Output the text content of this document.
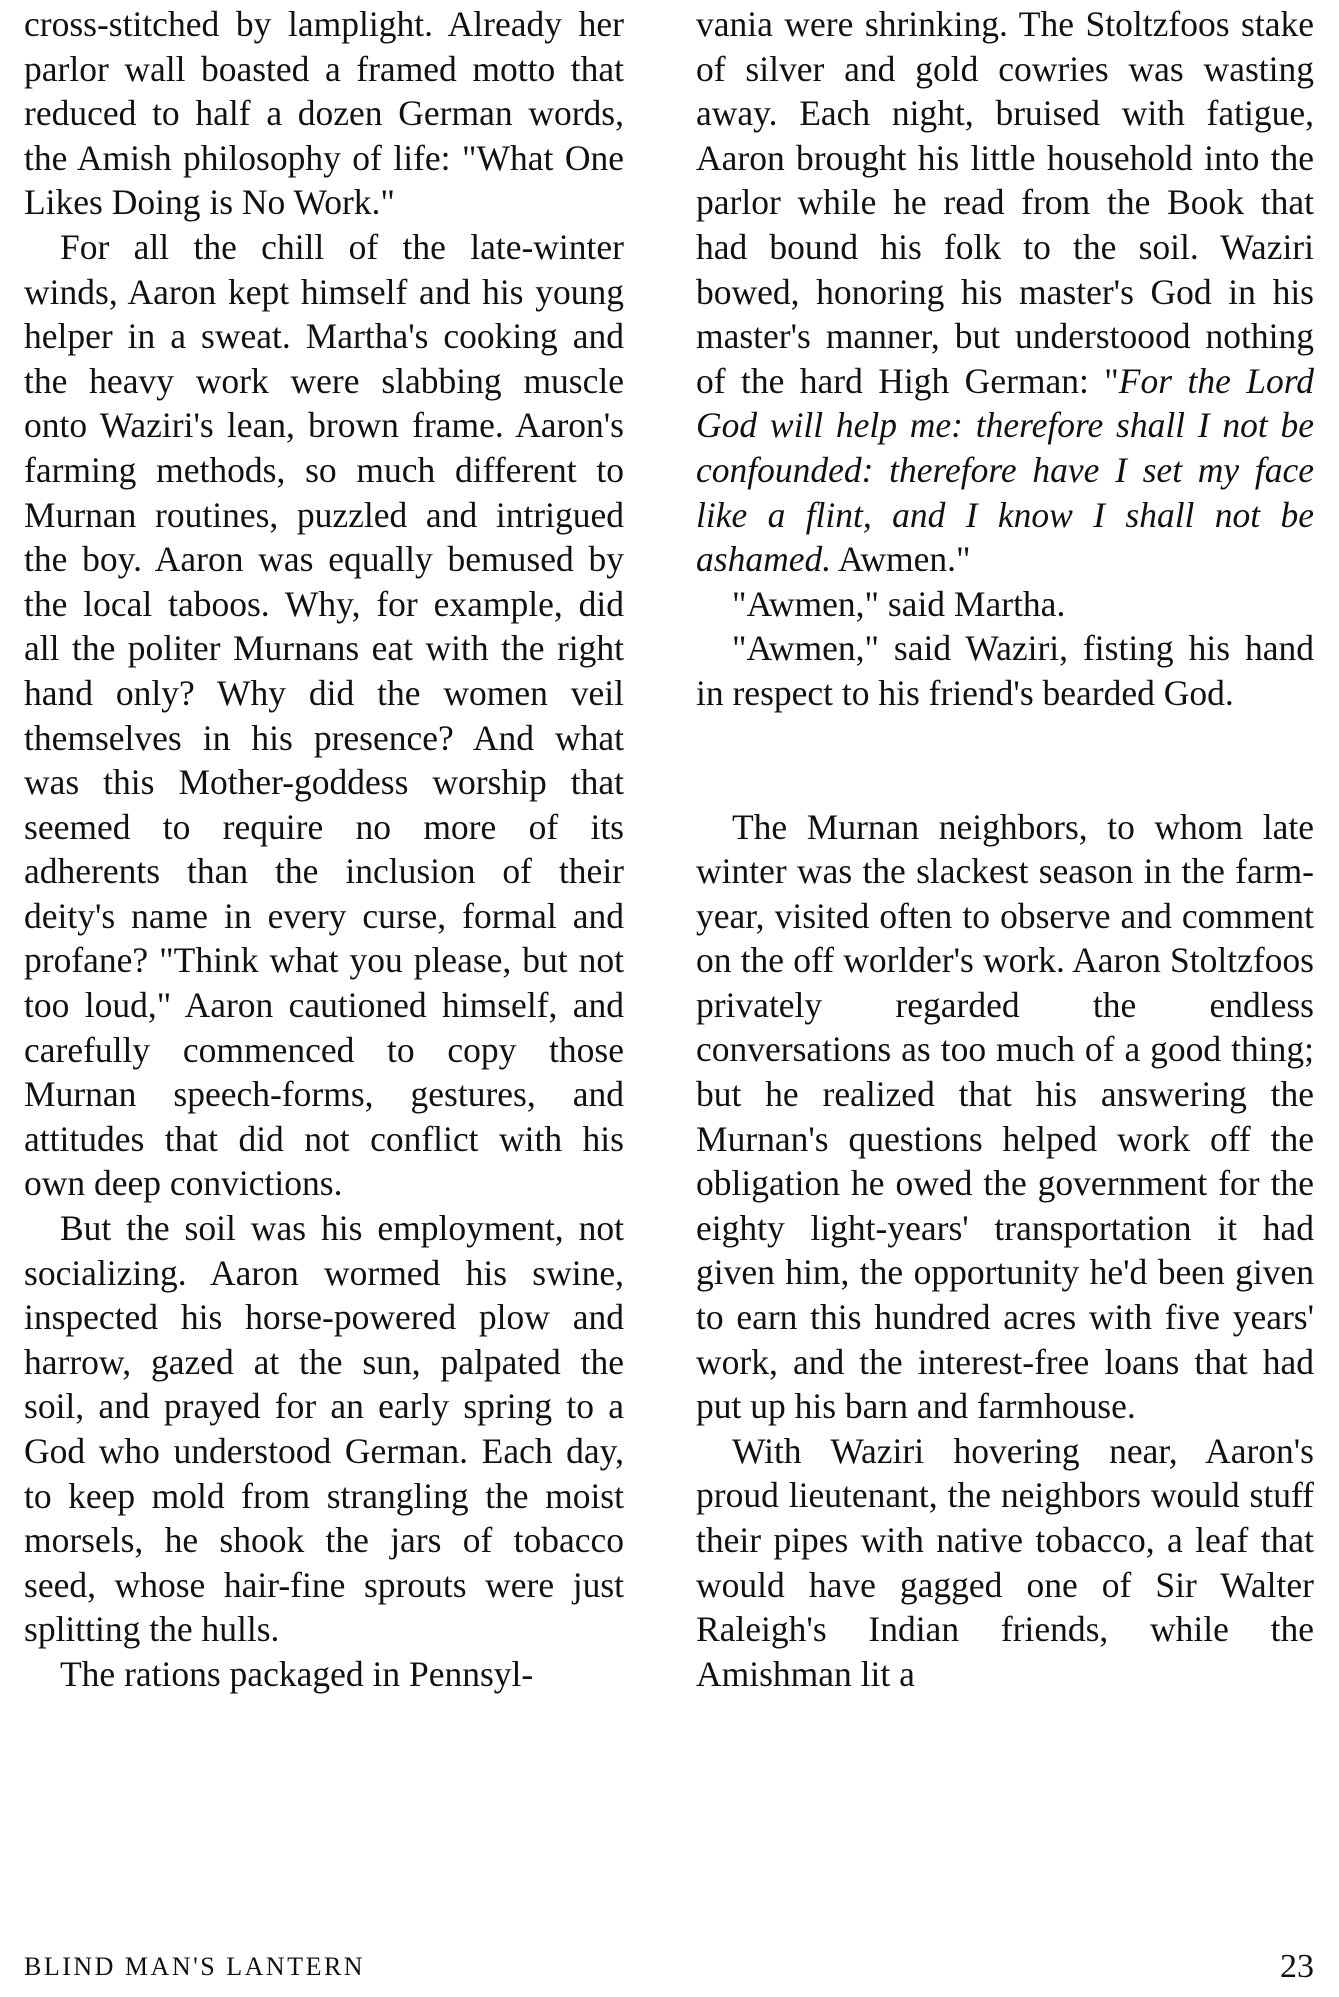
cross-stitched by lamplight. Already her parlor wall boasted a framed motto that reduced to half a dozen German words, the Amish philosophy of life: "What One Likes Doing is No Work."

For all the chill of the late-winter winds, Aaron kept himself and his young helper in a sweat. Martha's cooking and the heavy work were slabbing muscle onto Waziri's lean, brown frame. Aaron's farming methods, so much different to Murnan routines, puzzled and intrigued the boy. Aaron was equally bemused by the local taboos. Why, for example, did all the politer Murnans eat with the right hand only? Why did the women veil themselves in his presence? And what was this Mother-goddess worship that seemed to require no more of its adherents than the inclusion of their deity's name in every curse, formal and profane? "Think what you please, but not too loud," Aaron cautioned himself, and carefully commenced to copy those Murnan speech-forms, gestures, and attitudes that did not conflict with his own deep convictions.

But the soil was his employment, not socializing. Aaron wormed his swine, inspected his horse-powered plow and harrow, gazed at the sun, palpated the soil, and prayed for an early spring to a God who understood German. Each day, to keep mold from strangling the moist morsels, he shook the jars of tobacco seed, whose hair-fine sprouts were just splitting the hulls.

The rations packaged in Pennsyl-

vania were shrinking. The Stoltzfoos stake of silver and gold cowries was wasting away. Each night, bruised with fatigue, Aaron brought his little household into the parlor while he read from the Book that had bound his folk to the soil. Waziri bowed, honoring his master's God in his master's manner, but understoood nothing of the hard High German: "For the Lord God will help me: therefore shall I not be confounded: therefore have I set my face like a flint, and I know I shall not be ashamed. Awmen."

"Awmen," said Martha.

"Awmen," said Waziri, fisting his hand in respect to his friend's bearded God.

The Murnan neighbors, to whom late winter was the slackest season in the farm-year, visited often to observe and comment on the off worlder's work. Aaron Stoltzfoos privately regarded the endless conversations as too much of a good thing; but he realized that his answering the Murnan's questions helped work off the obligation he owed the government for the eighty light-years' transportation it had given him, the opportunity he'd been given to earn this hundred acres with five years' work, and the interest-free loans that had put up his barn and farmhouse.

With Waziri hovering near, Aaron's proud lieutenant, the neighbors would stuff their pipes with native tobacco, a leaf that would have gagged one of Sir Walter Raleigh's Indian friends, while the Amishman lit a

BLIND MAN'S LANTERN	23
